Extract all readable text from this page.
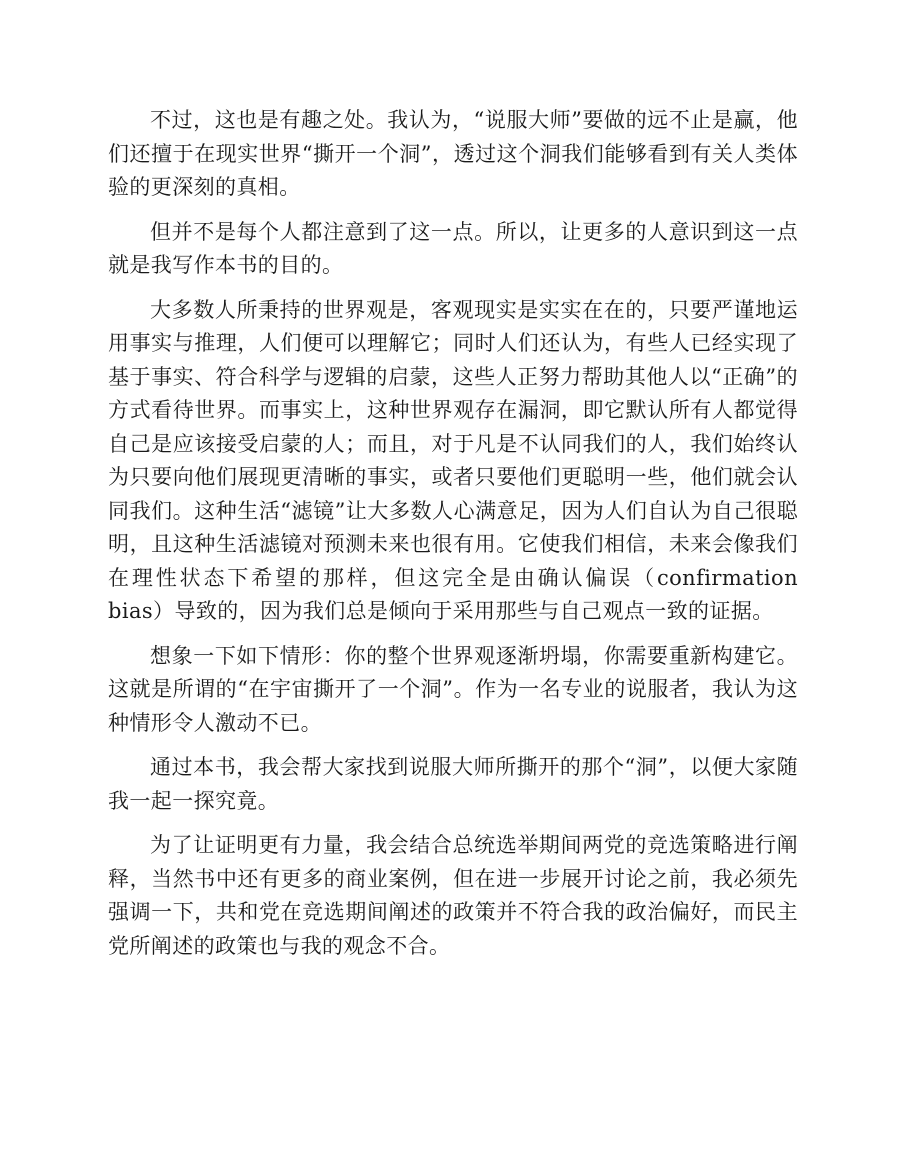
不过，这也是有趣之处。我认为，“说服大师”要做的远不止是赢，他们还擅于在现实世界“撕开一个洞”，透过这个洞我们能够看到有关人类体验的更深刻的真相。

但并不是每个人都注意到了这一点。所以，让更多的人意识到这一点就是我写作本书的目的。

大多数人所秉持的世界观是，客观现实是实实在在的，只要严谨地运用事实与推理，人们便可以理解它；同时人们还认为，有些人已经实现了基于事实、符合科学与逻辑的启蒙，这些人正努力帮助其他人以“正确”的方式看待世界。而事实上，这种世界观存在漏洞，即它默认所有人都觉得自己是应该接受启蒙的人；而且，对于凡是不认同我们的人，我们始终认为只要向他们展现更清晰的事实，或者只要他们更聪明一些，他们就会认同我们。这种生活“滤镜”让大多数人心满意足，因为人们自认为自己很聪明，且这种生活滤镜对预测未来也很有用。它使我们相信，未来会像我们在理性状态下希望的那样，但这完全是由确认偏误（confirmation bias）导致的，因为我们总是倾向于采用那些与自己观点一致的证据。

想象一下如下情形：你的整个世界观逐渐坍塌，你需要重新构建它。这就是所谓的“在宇宙撕开了一个洞”。作为一名专业的说服者，我认为这种情形令人激动不已。

通过本书，我会帮大家找到说服大师所撕开的那个“洞”，以便大家随我一起一探究竟。

为了让证明更有力量，我会结合总统选举期间两党的竞选策略进行阐释，当然书中还有更多的商业案例，但在进一步展开讨论之前，我必须先强调一下，共和党在竞选期间阐述的政策并不符合我的政治偏好，而民主党所阐述的政策也与我的观念不合。
